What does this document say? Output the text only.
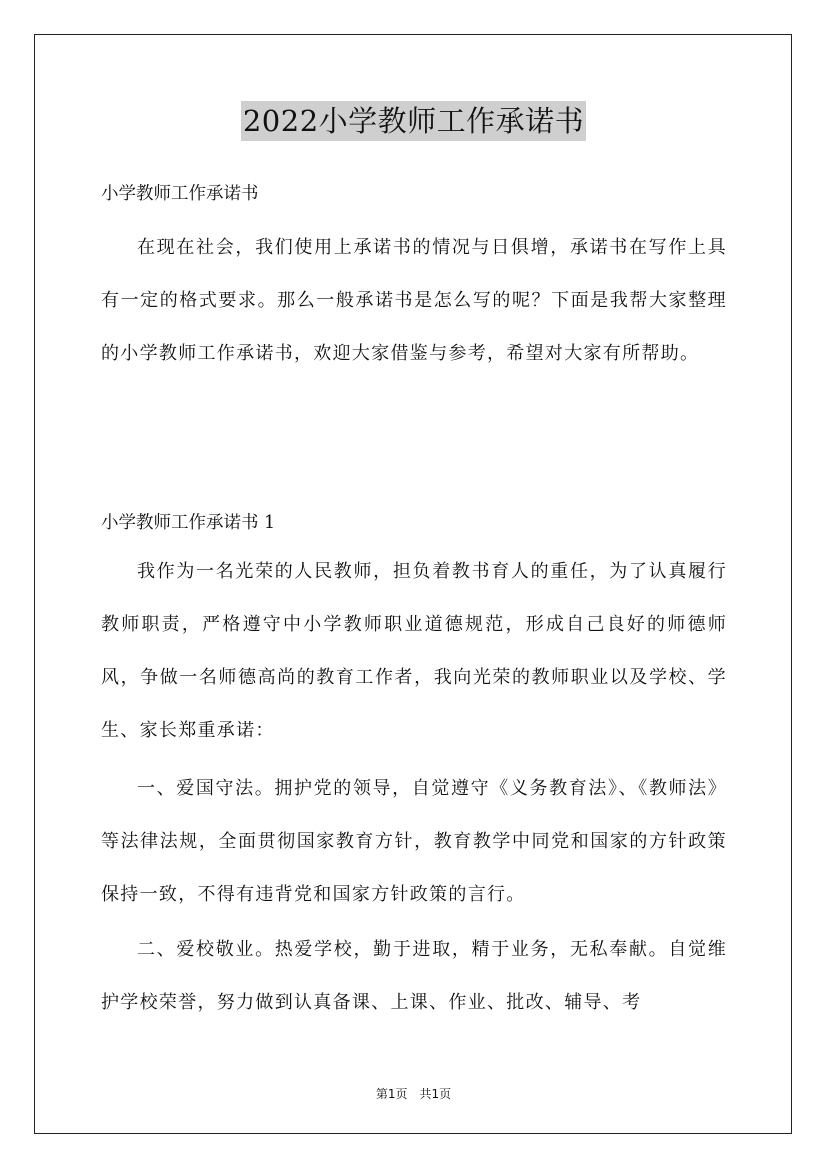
2022小学教师工作承诺书
小学教师工作承诺书
在现在社会，我们使用上承诺书的情况与日俱增，承诺书在写作上具有一定的格式要求。那么一般承诺书是怎么写的呢？下面是我帮大家整理的小学教师工作承诺书，欢迎大家借鉴与参考，希望对大家有所帮助。
小学教师工作承诺书 1
我作为一名光荣的人民教师，担负着教书育人的重任，为了认真履行教师职责，严格遵守中小学教师职业道德规范，形成自己良好的师德师风，争做一名师德高尚的教育工作者，我向光荣的教师职业以及学校、学生、家长郑重承诺：
一、爱国守法。拥护党的领导，自觉遵守《义务教育法》、《教师法》等法律法规，全面贯彻国家教育方针，教育教学中同党和国家的方针政策保持一致，不得有违背党和国家方针政策的言行。
二、爱校敬业。热爱学校，勤于进取，精于业务，无私奉献。自觉维护学校荣誉，努力做到认真备课、上课、作业、批改、辅导、考
第1页　共1页
